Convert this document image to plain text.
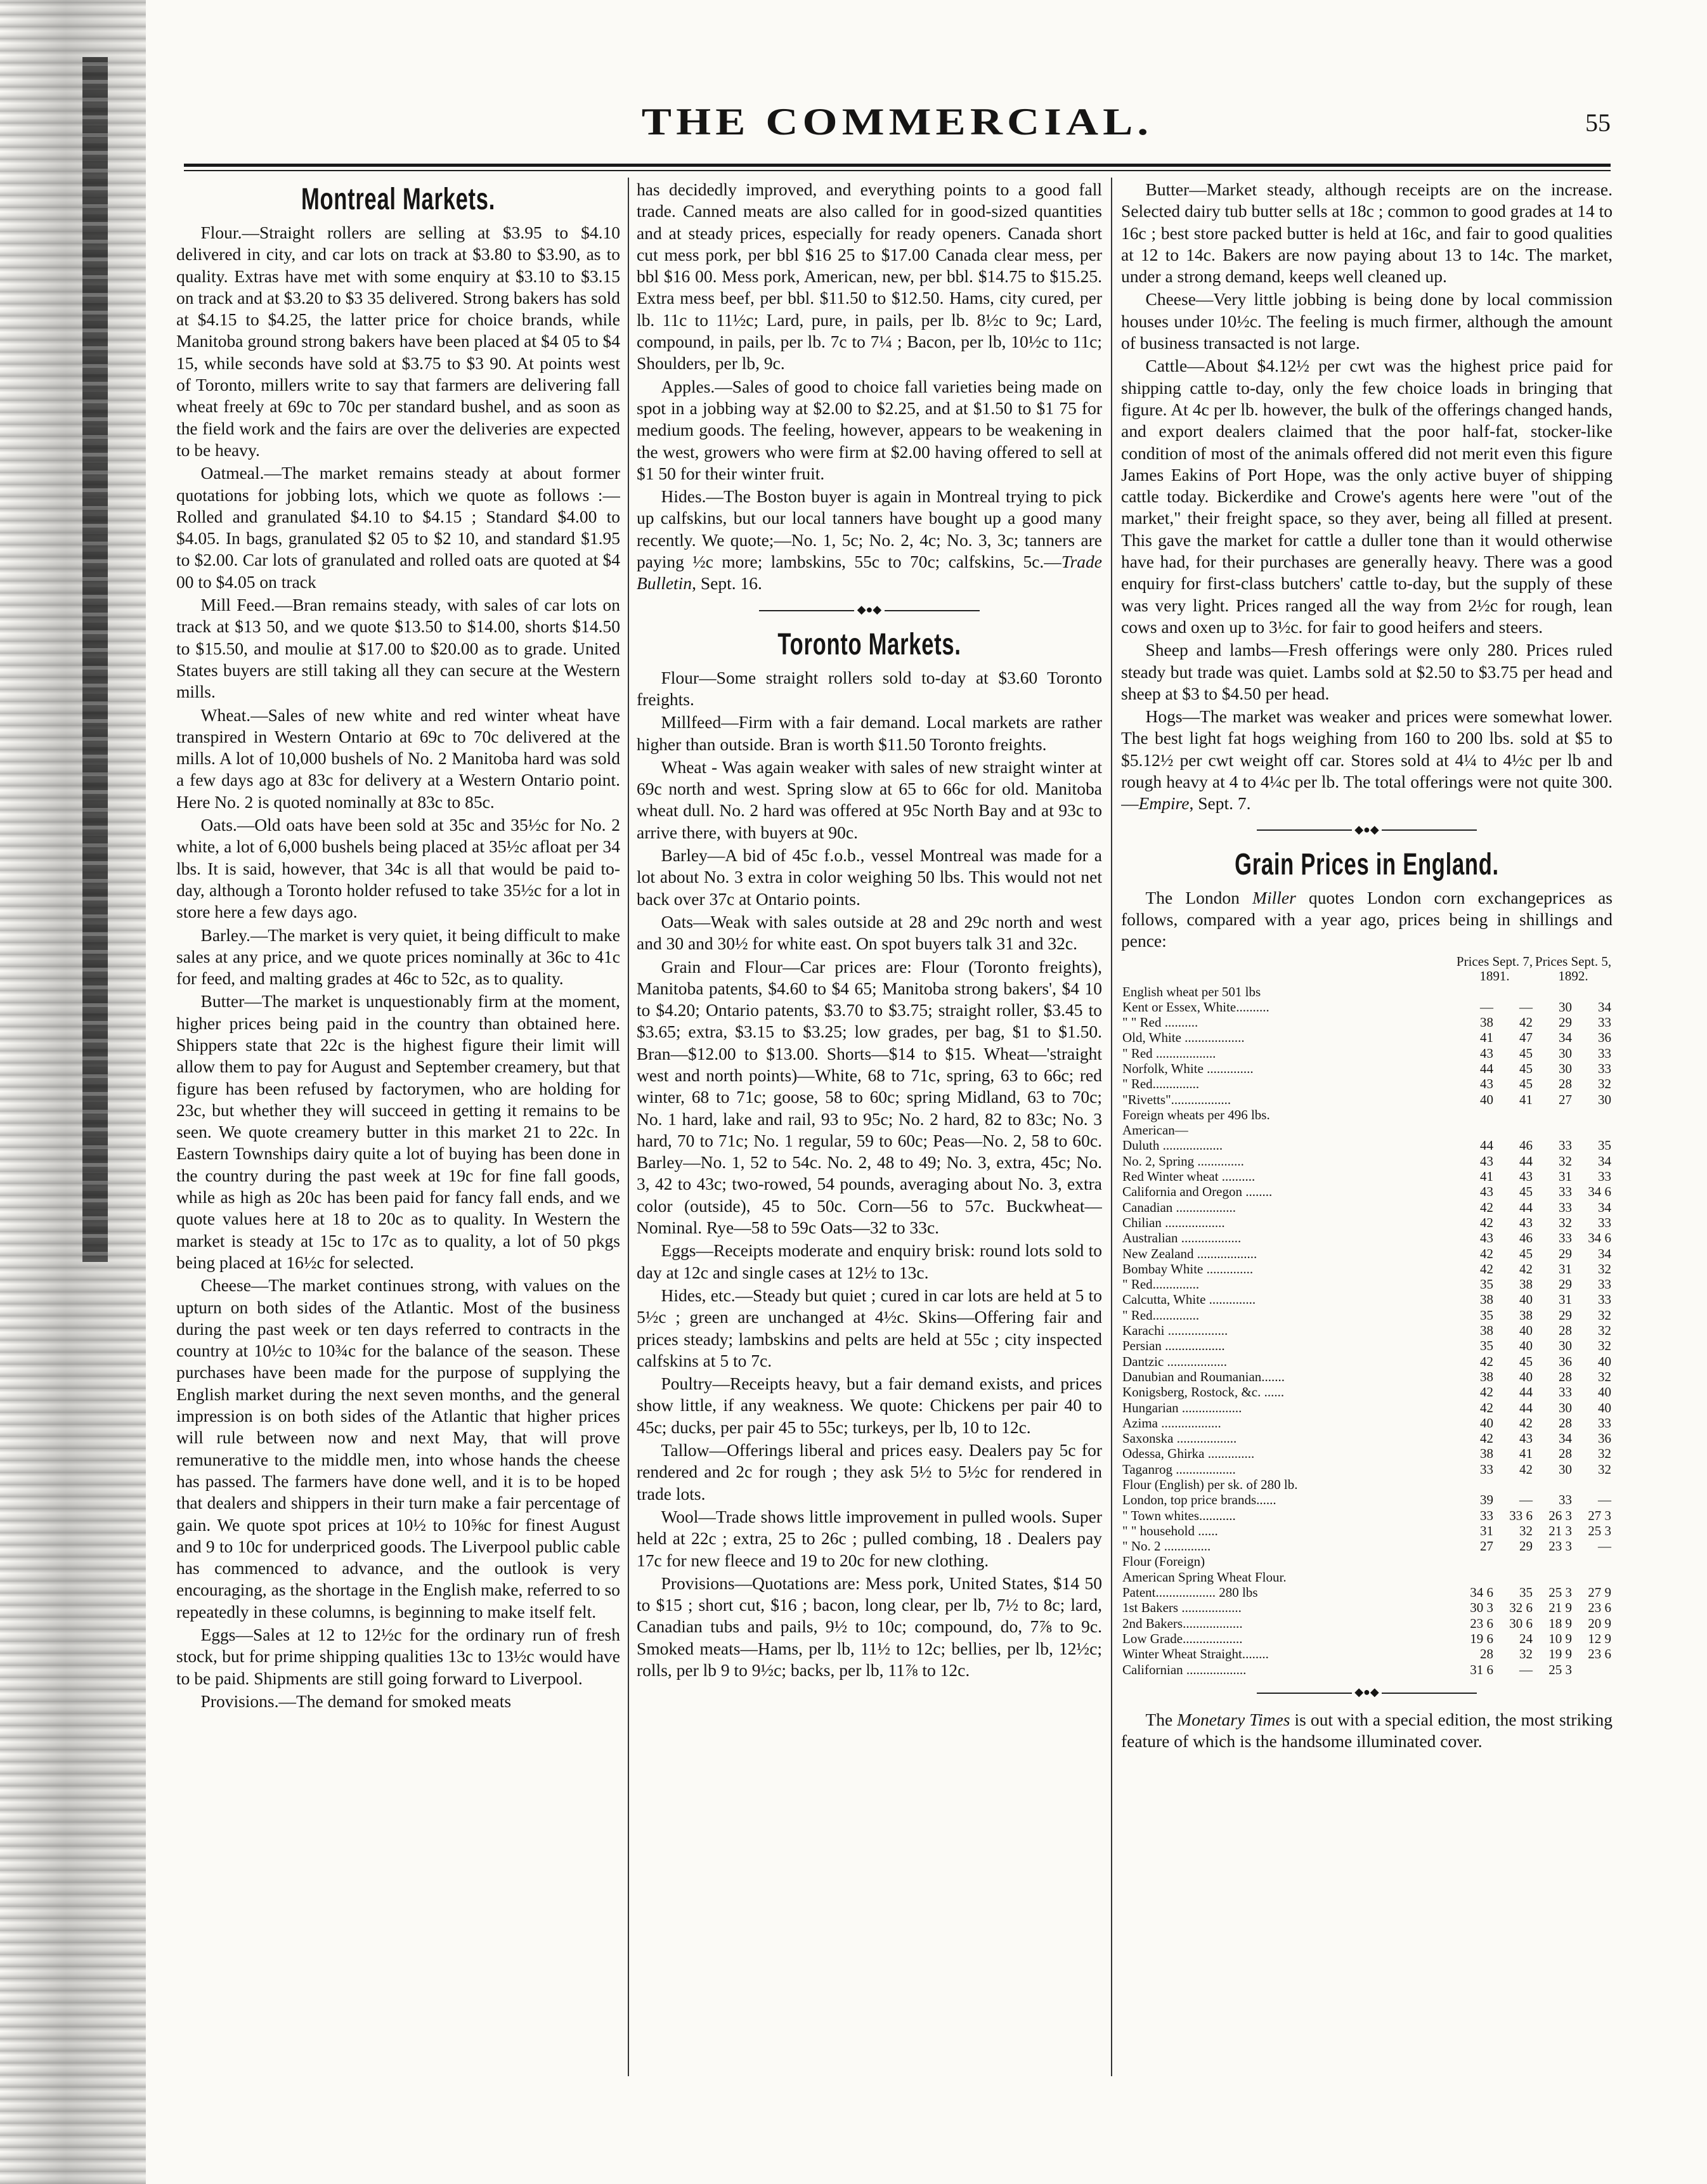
THE COMMERCIAL.	55
Montreal Markets.

Flour.—Straight rollers are selling at $3.95 to $4.10 delivered in city, and car lots on track at $3.80 to $3.90, as to quality. Extras have met with some enquiry at $3.10 to $3.15 on track and at $3.20 to $3 35 delivered. Strong bakers has sold at $4.15 to $4.25, the latter price for choice brands, while Manitoba ground strong bakers have been placed at $4 05 to $4 15, while seconds have sold at $3.75 to $3 90. At points west of Toronto, millers write to say that farmers are delivering fall wheat freely at 69c to 70c per standard bushel, and as soon as the field work and the fairs are over the deliveries are expected to be heavy.

Oatmeal.—The market remains steady at about former quotations for jobbing lots, which we quote as follows :—Rolled and granulated $4.10 to $4.15 ; Standard $4.00 to $4.05. In bags, granulated $2 05 to $2 10, and standard $1.95 to $2.00. Car lots of granulated and rolled oats are quoted at $4 00 to $4.05 on track

Mill Feed.—Bran remains steady, with sales of car lots on track at $13 50, and we quote $13.50 to $14.00, shorts $14.50 to $15.50, and moulie at $17.00 to $20.00 as to grade. United States buyers are still taking all they can secure at the Western mills.

Wheat.—Sales of new white and red winter wheat have transpired in Western Ontario at 69c to 70c delivered at the mills. A lot of 10,000 bushels of No. 2 Manitoba hard was sold a few days ago at 83c for delivery at a Western Ontario point. Here No. 2 is quoted nominally at 83c to 85c.

Oats.—Old oats have been sold at 35c and 35½c for No. 2 white, a lot of 6,000 bushels being placed at 35½c afloat per 34 lbs. It is said, however, that 34c is all that would be paid to-day, although a Toronto holder refused to take 35½c for a lot in store here a few days ago.

Barley.—The market is very quiet, it being difficult to make sales at any price, and we quote prices nominally at 36c to 41c for feed, and malting grades at 46c to 52c, as to quality.

Butter—The market is unquestionably firm at the moment, higher prices being paid in the country than obtained here. Shippers state that 22c is the highest figure their limit will allow them to pay for August and September creamery, but that figure has been refused by factorymen, who are holding for 23c, but whether they will succeed in getting it remains to be seen. We quote creamery butter in this market 21 to 22c. In Eastern Townships dairy quite a lot of buying has been done in the country during the past week at 19c for fine fall goods, while as high as 20c has been paid for fancy fall ends, and we quote values here at 18 to 20c as to quality. In Western the market is steady at 15c to 17c as to quality, a lot of 50 pkgs being placed at 16½c for selected.

Cheese—The market continues strong, with values on the upturn on both sides of the Atlantic. Most of the business during the past week or ten days referred to contracts in the country at 10½c to 10¾c for the balance of the season. These purchases have been made for the purpose of supplying the English market during the next seven months, and the general impression is on both sides of the Atlantic that higher prices will rule between now and next May, that will prove remunerative to the middle men, into whose hands the cheese has passed. The farmers have done well, and it is to be hoped that dealers and shippers in their turn make a fair percentage of gain. We quote spot prices at 10½ to 10⅝c for finest August and 9 to 10c for underpriced goods. The Liverpool public cable has commenced to advance, and the outlook is very encouraging, as the shortage in the English make, referred to so repeatedly in these columns, is beginning to make itself felt.

Eggs—Sales at 12 to 12½c for the ordinary run of fresh stock, but for prime shipping qualities 13c to 13½c would have to be paid. Shipments are still going forward to Liverpool.

Provisions.—The demand for smoked meats

has decidedly improved, and everything points to a good fall trade. Canned meats are also called for in good-sized quantities and at steady prices, especially for ready openers. Canada short cut mess pork, per bbl $16 25 to $17.00 Canada clear mess, per bbl $16 00. Mess pork, American, new, per bbl. $14.75 to $15.25. Extra mess beef, per bbl. $11.50 to $12.50. Hams, city cured, per lb. 11c to 11½c; Lard, pure, in pails, per lb. 8½c to 9c; Lard, compound, in pails, per lb. 7c to 7¼ ; Bacon, per lb, 10½c to 11c; Shoulders, per lb, 9c.

Apples.—Sales of good to choice fall varieties being made on spot in a jobbing way at $2.00 to $2.25, and at $1.50 to $1 75 for medium goods. The feeling, however, appears to be weakening in the west, growers who were firm at $2.00 having offered to sell at $1 50 for their winter fruit.

Hides.—The Boston buyer is again in Montreal trying to pick up calfskins, but our local tanners have bought up a good many recently. We quote;—No. 1, 5c; No. 2, 4c; No. 3, 3c; tanners are paying ½c more; lambskins, 55c to 70c; calfskins, 5c.—Trade Bulletin, Sept. 16.

◆●◆
Toronto Markets.

Flour—Some straight rollers sold to-day at $3.60 Toronto freights.

Millfeed—Firm with a fair demand. Local markets are rather higher than outside. Bran is worth $11.50 Toronto freights.

Wheat - Was again weaker with sales of new straight winter at 69c north and west. Spring slow at 65 to 66c for old. Manitoba wheat dull. No. 2 hard was offered at 95c North Bay and at 93c to arrive there, with buyers at 90c.

Barley—A bid of 45c f.o.b., vessel Montreal was made for a lot about No. 3 extra in color weighing 50 lbs. This would not net back over 37c at Ontario points.

Oats—Weak with sales outside at 28 and 29c north and west and 30 and 30½ for white east. On spot buyers talk 31 and 32c.

Grain and Flour—Car prices are: Flour (Toronto freights), Manitoba patents, $4.60 to $4 65; Manitoba strong bakers', $4 10 to $4.20; Ontario patents, $3.70 to $3.75; straight roller, $3.45 to $3.65; extra, $3.15 to $3.25; low grades, per bag, $1 to $1.50. Bran—$12.00 to $13.00. Shorts—$14 to $15. Wheat—'straight west and north points)—White, 68 to 71c, spring, 63 to 66c; red winter, 68 to 71c; goose, 58 to 60c; spring Midland, 63 to 70c; No. 1 hard, lake and rail, 93 to 95c; No. 2 hard, 82 to 83c; No. 3 hard, 70 to 71c; No. 1 regular, 59 to 60c; Peas—No. 2, 58 to 60c. Barley—No. 1, 52 to 54c. No. 2, 48 to 49; No. 3, extra, 45c; No. 3, 42 to 43c; two-rowed, 54 pounds, averaging about No. 3, extra color (outside), 45 to 50c. Corn—56 to 57c. Buckwheat—Nominal. Rye—58 to 59c Oats—32 to 33c.

Eggs—Receipts moderate and enquiry brisk: round lots sold to day at 12c and single cases at 12½ to 13c.

Hides, etc.—Steady but quiet ; cured in car lots are held at 5 to 5½c ; green are unchanged at 4½c. Skins—Offering fair and prices steady; lambskins and pelts are held at 55c ; city inspected calfskins at 5 to 7c.

Poultry—Receipts heavy, but a fair demand exists, and prices show little, if any weakness. We quote: Chickens per pair 40 to 45c; ducks, per pair 45 to 55c; turkeys, per lb, 10 to 12c.

Tallow—Offerings liberal and prices easy. Dealers pay 5c for rendered and 2c for rough ; they ask 5½ to 5½c for rendered in trade lots.

Wool—Trade shows little improvement in pulled wools. Super held at 22c ; extra, 25 to 26c ; pulled combing, 18 . Dealers pay 17c for new fleece and 19 to 20c for new clothing.

Provisions—Quotations are: Mess pork, United States, $14 50 to $15 ; short cut, $16 ; bacon, long clear, per lb, 7½ to 8c; lard, Canadian tubs and pails, 9½ to 10c; compound, do, 7⅞ to 9c. Smoked meats—Hams, per lb, 11½ to 12c; bellies, per lb, 12½c; rolls, per lb 9 to 9½c; backs, per lb, 11⅞ to 12c.

Butter—Market steady, although receipts are on the increase. Selected dairy tub butter sells at 18c ; common to good grades at 14 to 16c ; best store packed butter is held at 16c, and fair to good qualities at 12 to 14c. Bakers are now paying about 13 to 14c. The market, under a strong demand, keeps well cleaned up.

Cheese—Very little jobbing is being done by local commission houses under 10½c. The feeling is much firmer, although the amount of business transacted is not large.

Cattle—About $4.12½ per cwt was the highest price paid for shipping cattle to-day, only the few choice loads in bringing that figure. At 4c per lb. however, the bulk of the offerings changed hands, and export dealers claimed that the poor half-fat, stocker-like condition of most of the animals offered did not merit even this figure James Eakins of Port Hope, was the only active buyer of shipping cattle today. Bickerdike and Crowe's agents here were "out of the market," their freight space, so they aver, being all filled at present. This gave the market for cattle a duller tone than it would otherwise have had, for their purchases are generally heavy. There was a good enquiry for first-class butchers' cattle to-day, but the supply of these was very light. Prices ranged all the way from 2½c for rough, lean cows and oxen up to 3½c. for fair to good heifers and steers.

Sheep and lambs—Fresh offerings were only 280. Prices ruled steady but trade was quiet. Lambs sold at $2.50 to $3.75 per head and sheep at $3 to $4.50 per head.

Hogs—The market was weaker and prices were somewhat lower. The best light fat hogs weighing from 160 to 200 lbs. sold at $5 to $5.12½ per cwt weight off car. Stores sold at 4¼ to 4½c per lb and rough heavy at 4 to 4¼c per lb. The total offerings were not quite 300.—Empire, Sept. 7.

◆●◆
Grain Prices in England.

The London Miller quotes London corn exchangeprices as follows, compared with a year ago, prices being in shillings and pence:

	Prices Sept. 7, 1891.		Prices Sept. 5, 1892.	
English wheat per 501 lbs				
Kent or Essex, White..........	—	—	30	34
" " Red ..........	38	42	29	33
Old, White ..................	41	47	34	36
" Red ..................	43	45	30	33
Norfolk, White ..............	44	45	30	33
" Red..............	43	45	28	32
"Rivetts"..................	40	41	27	30
Foreign wheats per 496 lbs.				
American—				
Duluth ..................	44	46	33	35
No. 2, Spring ..............	43	44	32	34
Red Winter wheat ..........	41	43	31	33
California and Oregon ........	43	45	33	34 6
Canadian ..................	42	44	33	34
Chilian ..................	42	43	32	33
Australian ..................	43	46	33	34 6
New Zealand ..................	42	45	29	34
Bombay White ..............	42	42	31	32
" Red..............	35	38	29	33
Calcutta, White ..............	38	40	31	33
" Red..............	35	38	29	32
Karachi ..................	38	40	28	32
Persian ..................	35	40	30	32
Dantzic ..................	42	45	36	40
Danubian and Roumanian.......	38	40	28	32
Konigsberg, Rostock, &c. ......	42	44	33	40
Hungarian ..................	42	44	30	40
Azima ..................	40	42	28	33
Saxonska ..................	42	43	34	36
Odessa, Ghirka ..............	38	41	28	32
Taganrog ..................	33	42	30	32
Flour (English) per sk. of 280 lb.				
London, top price brands......	39	—	33	—
" Town whites...........	33	33 6	26 3	27 3
" " household ......	31	32	21 3	25 3
" No. 2 ..............	27	29	23 3	—
Flour (Foreign)				
American Spring Wheat Flour.				
Patent.................. 280 lbs	34 6	35	25 3	27 9
1st Bakers ..................	30 3	32 6	21 9	23 6
2nd Bakers..................	23 6	30 6	18 9	20 9
Low Grade..................	19 6	24	10 9	12 9
Winter Wheat Straight........	28	32	19 9	23 6
Californian ..................	31 6	—	25 3	
◆●◆

The Monetary Times is out with a special edition, the most striking feature of which is the handsome illuminated cover.
